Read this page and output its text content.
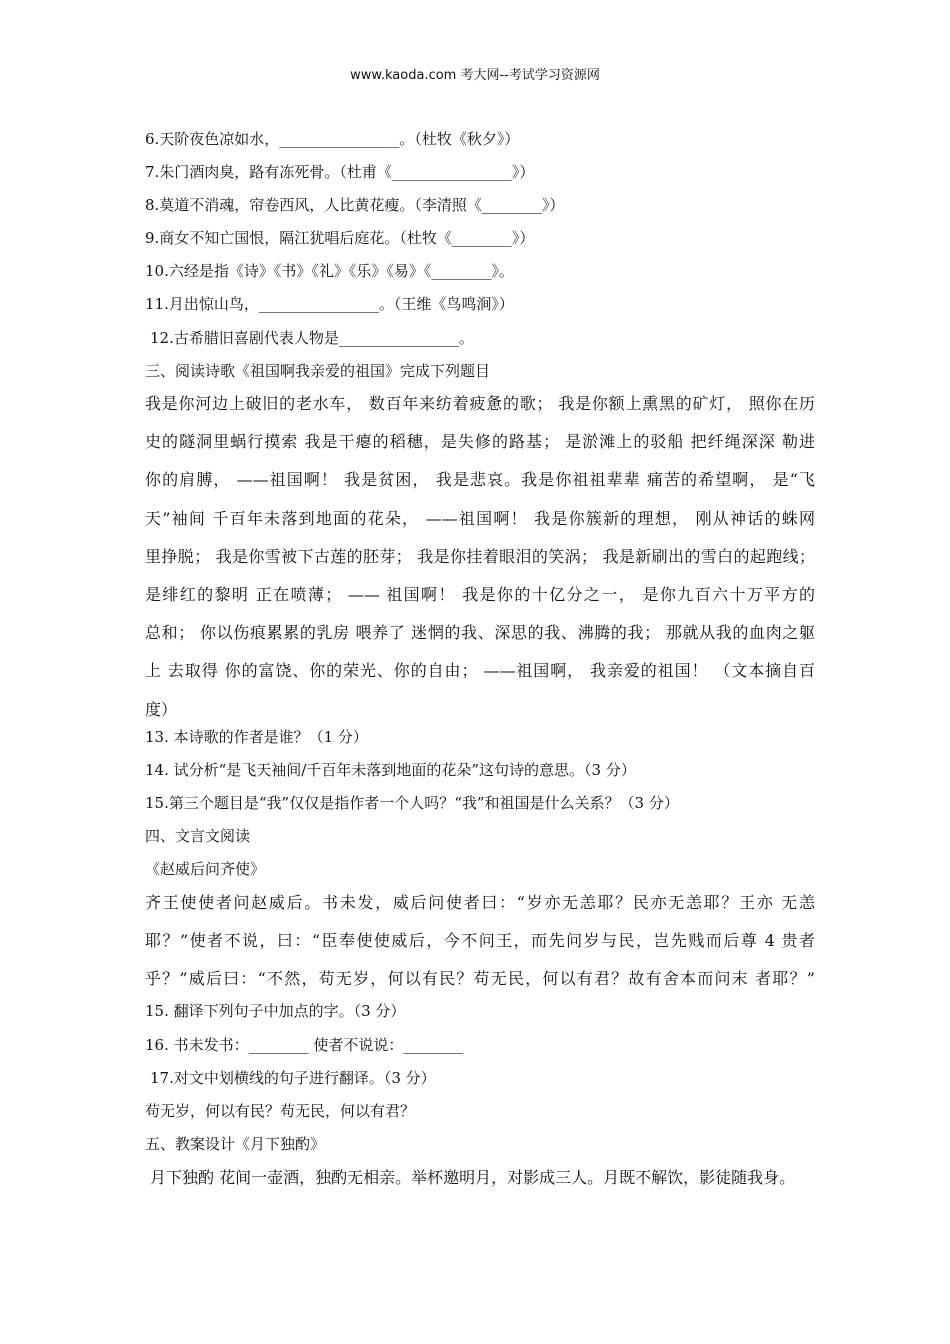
www.kaoda.com 考大网--考试学习资源网
6.天阶夜色凉如水，________________。（杜牧《秋夕》）
7.朱门酒肉臭，路有冻死骨。（杜甫《________________》）
8.莫道不消魂，帘卷西风，人比黄花瘦。（李清照《________》）
9.商女不知亡国恨，隔江犹唱后庭花。（杜牧《________》）
10.六经是指《诗》《书》《礼》《乐》《易》《________》。
11.月出惊山鸟，________________。（王维《鸟鸣涧》）
12.古希腊旧喜剧代表人物是________________。
三、阅读诗歌《祖国啊我亲爱的祖国》完成下列题目
我是你河边上破旧的老水车， 数百年来纺着疲惫的歌； 我是你额上熏黑的矿灯， 照你在历
史的隧洞里蜗行摸索 我是干瘪的稻穗，是失修的路基； 是淤滩上的驳船 把纤绳深深 勒进
你的肩膊， ——祖国啊！ 我是贫困， 我是悲哀。我是你祖祖辈辈 痛苦的希望啊， 是“飞
天”袖间 千百年未落到地面的花朵， ——祖国啊！ 我是你簇新的理想， 刚从神话的蛛网
里挣脱； 我是你雪被下古莲的胚芽； 我是你挂着眼泪的笑涡； 我是新刷出的雪白的起跑线；
是绯红的黎明 正在喷薄； —— 祖国啊！ 我是你的十亿分之一， 是你九百六十万平方的
总和； 你以伤痕累累的乳房 喂养了 迷惘的我、深思的我、沸腾的我； 那就从我的血肉之躯
上 去取得 你的富饶、你的荣光、你的自由； ——祖国啊， 我亲爱的祖国！ （文本摘自百
度）
13. 本诗歌的作者是谁？（1 分）
14. 试分析“是飞天袖间/千百年未落到地面的花朵”这句诗的意思。（3 分）
15.第三个题目是“我”仅仅是指作者一个人吗？“我”和祖国是什么关系？（3 分）
四、文言文阅读
《赵威后问齐使》
齐王使使者问赵威后。书未发，威后问使者曰：“岁亦无恙耶？民亦无恙耶？王亦 无恙
耶？”使者不说，曰：“臣奉使使威后，今不问王，而先问岁与民，岂先贱而后尊 4 贵者
乎？”威后曰：“不然，苟无岁，何以有民？苟无民，何以有君？故有舍本而问末 者耶？”
15. 翻译下列句子中加点的字。（3 分）
16. 书未发书：________ 使者不说说：________
17.对文中划横线的句子进行翻译。（3 分）
苟无岁，何以有民？苟无民，何以有君？
五、教案设计《月下独酌》
月下独酌 花间一壶酒，独酌无相亲。举杯邀明月，对影成三人。月既不解饮，影徒随我身。
